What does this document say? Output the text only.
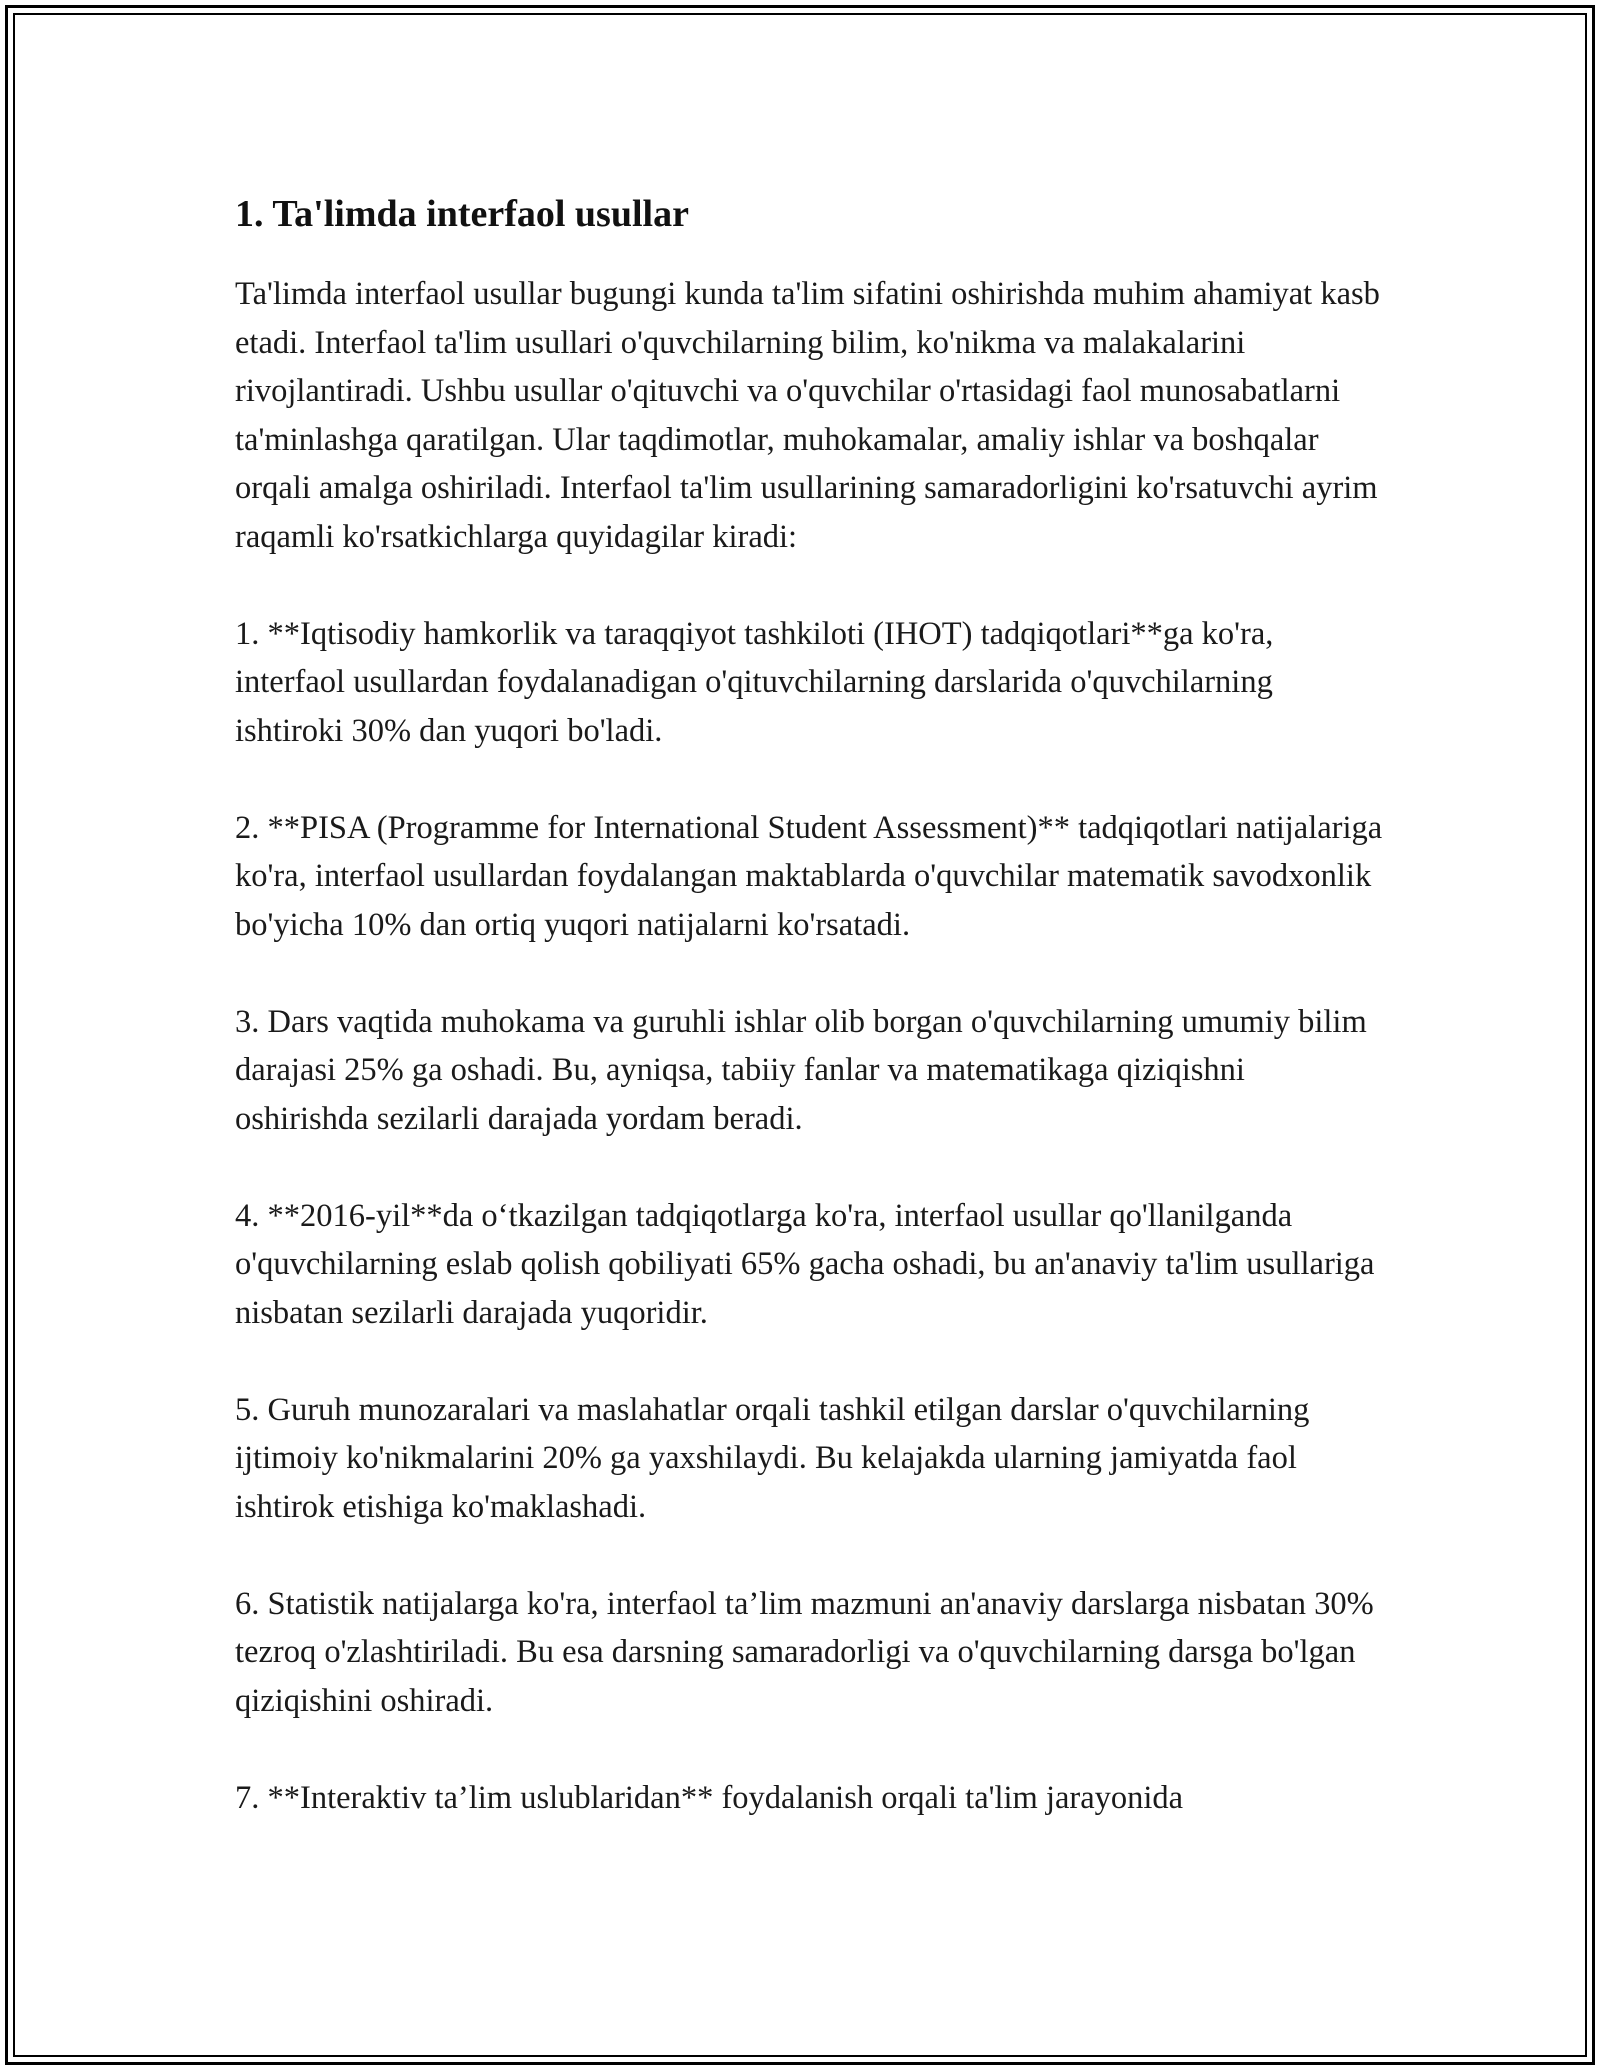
1. Ta'limda interfaol usullar

Ta'limda interfaol usullar bugungi kunda ta'lim sifatini oshirishda muhim ahamiyat kasb etadi. Interfaol ta'lim usullari o'quvchilarning bilim, ko'nikma va malakalarini rivojlantiradi. Ushbu usullar o'qituvchi va o'quvchilar o'rtasidagi faol munosabatlarni ta'minlashga qaratilgan. Ular taqdimotlar, muhokamalar, amaliy ishlar va boshqalar orqali amalga oshiriladi. Interfaol ta'lim usullarining samaradorligini ko'rsatuvchi ayrim raqamli ko'rsatkichlarga quyidagilar kiradi:

1. **Iqtisodiy hamkorlik va taraqqiyot tashkiloti (IHOT) tadqiqotlari**ga ko'ra, interfaol usullardan foydalanadigan o'qituvchilarning darslarida o'quvchilarning ishtiroki 30% dan yuqori bo'ladi.

2. **PISA (Programme for International Student Assessment)** tadqiqotlari natijalariga ko'ra, interfaol usullardan foydalangan maktablarda o'quvchilar matematik savodxonlik bo'yicha 10% dan ortiq yuqori natijalarni ko'rsatadi.

3. Dars vaqtida muhokama va guruhli ishlar olib borgan o'quvchilarning umumiy bilim darajasi 25% ga oshadi. Bu, ayniqsa, tabiiy fanlar va matematikaga qiziqishni oshirishda sezilarli darajada yordam beradi.

4. **2016-yil**da o‘tkazilgan tadqiqotlarga ko'ra, interfaol usullar qo'llanilganda o'quvchilarning eslab qolish qobiliyati 65% gacha oshadi, bu an'anaviy ta'lim usullariga nisbatan sezilarli darajada yuqoridir.

5. Guruh munozaralari va maslahatlar orqali tashkil etilgan darslar o'quvchilarning ijtimoiy ko'nikmalarini 20% ga yaxshilaydi. Bu kelajakda ularning jamiyatda faol ishtirok etishiga ko'maklashadi.

6. Statistik natijalarga ko'ra, interfaol ta’lim mazmuni an'anaviy darslarga nisbatan 30% tezroq o'zlashtiriladi. Bu esa darsning samaradorligi va o'quvchilarning darsga bo'lgan qiziqishini oshiradi.

7. **Interaktiv ta’lim uslublaridan** foydalanish orqali ta'lim jarayonida
